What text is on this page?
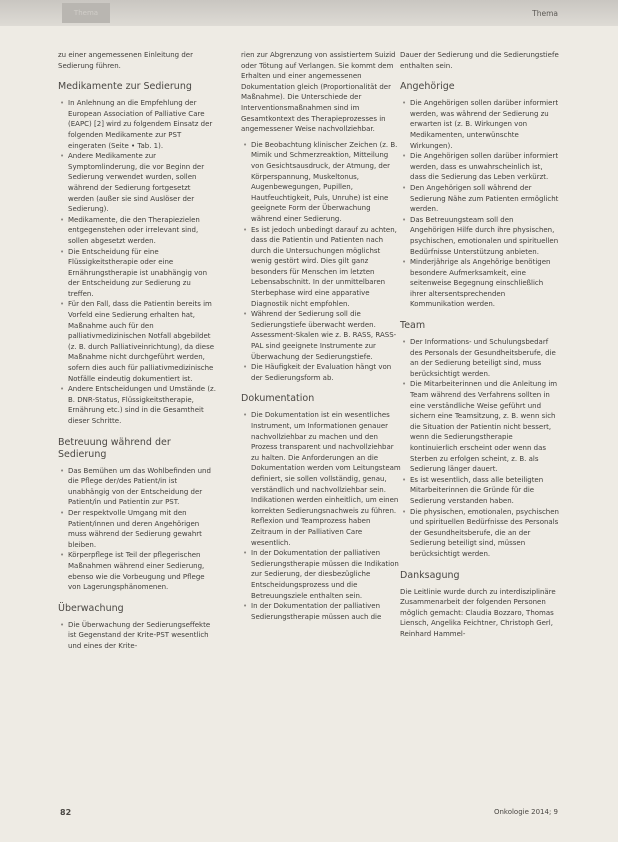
Thema	Thema

zu einer angemessenen Einleitung der Sedierung führen.

Medikamente zur Sedierung
• In Anlehnung an die Empfehlung der European Association of Palliative Care (EAPC) [2] wird zu folgendem Einsatz der folgenden Medikamente zur PST eingeraten (Seite • Tab. 1).
• Andere Medikamente zur Symptomlinderung, die vor Beginn der Sedierung verwendet wurden, sollen während der Sedierung fortgesetzt werden (außer sie sind Auslöser der Sedierung).
• Medikamente, die den Therapiezielen entgegenstehen oder irrelevant sind, sollen abgesetzt werden.
• Die Entscheidung für eine Flüssigkeitstherapie oder eine Ernährungstherapie ist unabhängig von der Entscheidung zur Sedierung zu treffen.
• Für den Fall, dass die Patientin bereits im Vorfeld eine Sedierung erhalten hat, Maßnahme auch für den palliativmedizinischen Notfall abgebildet (z. B. durch Palliativeinrichtung), da diese Maßnahme nicht durchgeführt werden, sofern dies auch für palliativmedizinische Notfälle eindeutig dokumentiert ist.
• Andere Entscheidungen und Umstände (z. B. DNR-Status, Flüssigkeitstherapie, Ernährung etc.) sind in die Gesamtheit dieser Schritte.
Betreuung während der Sedierung
• Das Bemühen um das Wohlbefinden und die Pflege der/des Patient/in ist unabhängig von der Entscheidung der Patient/in und Patientin zur PST.
• Der respektvolle Umgang mit den Patient/innen und deren Angehörigen muss während der Sedierung gewahrt bleiben.
• Körperpflege ist Teil der pflegerischen Maßnahmen während einer Sedierung, ebenso wie die Vorbeugung und Pflege von Lagerungsphänomenen.
Überwachung
• Die Überwachung der Sedierungseffekte ist Gegenstand der Krite-PST wesentlich und eines der Krite-

rien zur Abgrenzung von assistiertem Suizid oder Tötung auf Verlangen. Sie kommt dem Erhalten und einer angemessenen Dokumentation gleich (Proportionalität der Maßnahme). Die Unterschiede der Interventionsmaßnahmen sind im Gesamtkontext des Therapieprozesses in angemessener Weise nachvollziehbar.

• Die Beobachtung klinischer Zeichen (z. B. Mimik und Schmerzreaktion, Mitteilung von Gesichtsausdruck, der Atmung, der Körperspannung, Muskeltonus, Augenbewegungen, Pupillen, Hautfeuchtigkeit, Puls, Unruhe) ist eine geeignete Form der Überwachung während einer Sedierung.
• Es ist jedoch unbedingt darauf zu achten, dass die Patientin und Patienten nach durch die Untersuchungen möglichst wenig gestört wird. Dies gilt ganz besonders für Menschen im letzten Lebensabschnitt. In der unmittelbaren Sterbephase wird eine apparative Diagnostik nicht empfohlen.
• Während der Sedierung soll die Sedierungstiefe überwacht werden. Assessment-Skalen wie z. B. RASS, RASS-PAL sind geeignete Instrumente zur Überwachung der Sedierungstiefe.
• Die Häufigkeit der Evaluation hängt von der Sedierungsform ab.
Dokumentation
• Die Dokumentation ist ein wesentliches Instrument, um Informationen genauer nachvollziehbar zu machen und den Prozess transparent und nachvollziehbar zu halten. Die Anforderungen an die Dokumentation werden vom Leitungsteam definiert, sie sollen vollständig, genau, verständlich und nachvollziehbar sein. Indikationen werden einheitlich, um einen korrekten Sedierungsnachweis zu führen. Reflexion und Teamprozess haben Zeitraum in der Palliativen Care wesentlich.
• In der Dokumentation der palliativen Sedierungstherapie müssen die Indikation zur Sedierung, der diesbezügliche Entscheidungsprozess und die Betreuungsziele enthalten sein.
• In der Dokumentation der palliativen Sedierungstherapie müssen auch die

Dauer der Sedierung und die Sedierungstiefe enthalten sein.

Angehörige
• Die Angehörigen sollen darüber informiert werden, was während der Sedierung zu erwarten ist (z. B. Wirkungen von Medikamenten, unterwünschte Wirkungen).
• Die Angehörigen sollen darüber informiert werden, dass es unwahrscheinlich ist, dass die Sedierung das Leben verkürzt.
• Den Angehörigen soll während der Sedierung Nähe zum Patienten ermöglicht werden.
• Das Betreuungsteam soll den Angehörigen Hilfe durch ihre physischen, psychischen, emotionalen und spirituellen Bedürfnisse Unterstützung anbieten.
• Minderjährige als Angehörige benötigen besondere Aufmerksamkeit, eine seitenweise Begegnung einschließlich ihrer altersentsprechenden Kommunikation werden.
Team
• Der Informations- und Schulungsbedarf des Personals der Gesundheitsberufe, die an der Sedierung beteiligt sind, muss berücksichtigt werden.
• Die Mitarbeiterinnen und die Anleitung im Team während des Verfahrens sollten in eine verständliche Weise geführt und sichern eine Teamsitzung, z. B. wenn sich die Situation der Patientin nicht bessert, wenn die Sedierungstherapie kontinuierlich erscheint oder wenn das Sterben zu erfolgen scheint, z. B. als Sedierung länger dauert.
• Es ist wesentlich, dass alle beteiligten Mitarbeiterinnen die Gründe für die Sedierung verstanden haben.
• Die physischen, emotionalen, psychischen und spirituellen Bedürfnisse des Personals der Gesundheitsberufe, die an der Sedierung beteiligt sind, müssen berücksichtigt werden.
Danksagung

Die Leitlinie wurde durch zu interdisziplinäre Zusammenarbeit der folgenden Personen möglich gemacht: Claudia Bozzaro, Thomas Liensch, Angelika Feichtner, Christoph Gerl, Reinhard Hammel-

82	Onkologie 2014; 9
